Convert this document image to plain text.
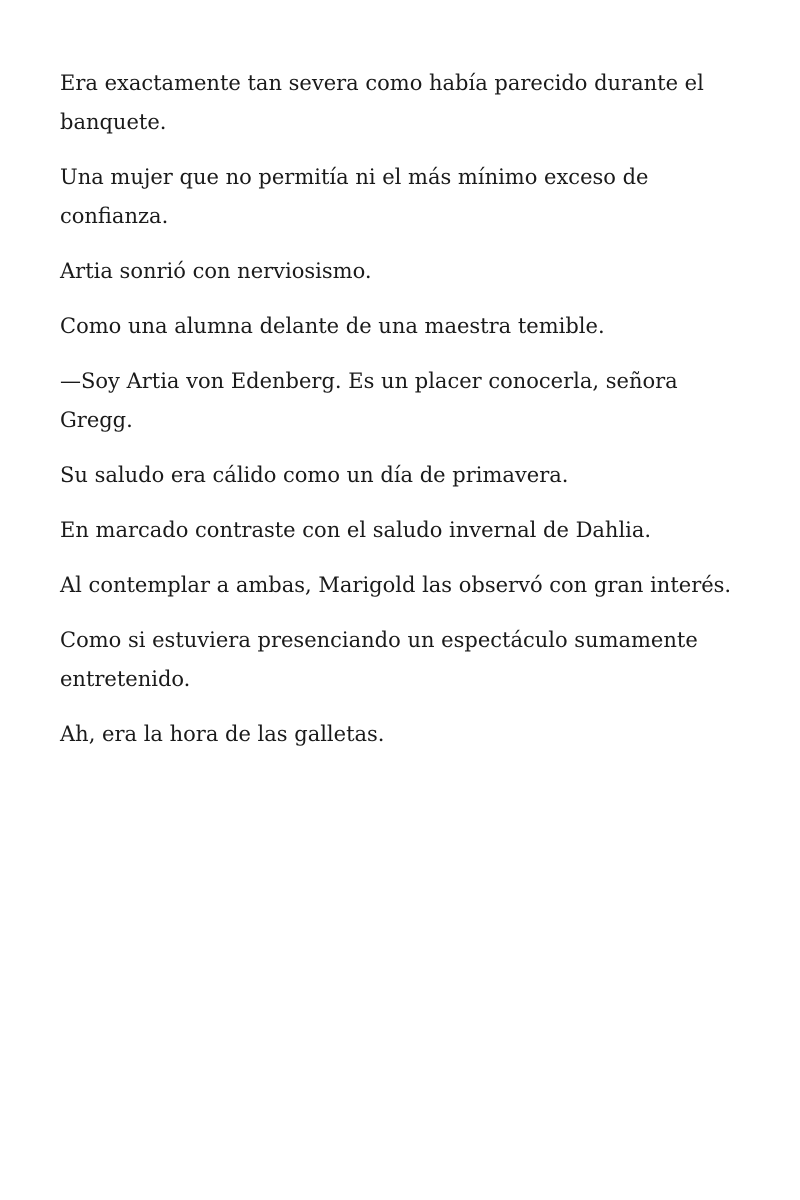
Era exactamente tan severa como había parecido durante el banquete.

Una mujer que no permitía ni el más mínimo exceso de confianza.

Artia sonrió con nerviosismo.

Como una alumna delante de una maestra temible.

—Soy Artia von Edenberg. Es un placer conocerla, señora Gregg.

Su saludo era cálido como un día de primavera.

En marcado contraste con el saludo invernal de Dahlia.

Al contemplar a ambas, Marigold las observó con gran interés.

Como si estuviera presenciando un espectáculo sumamente entretenido.

Ah, era la hora de las galletas.
